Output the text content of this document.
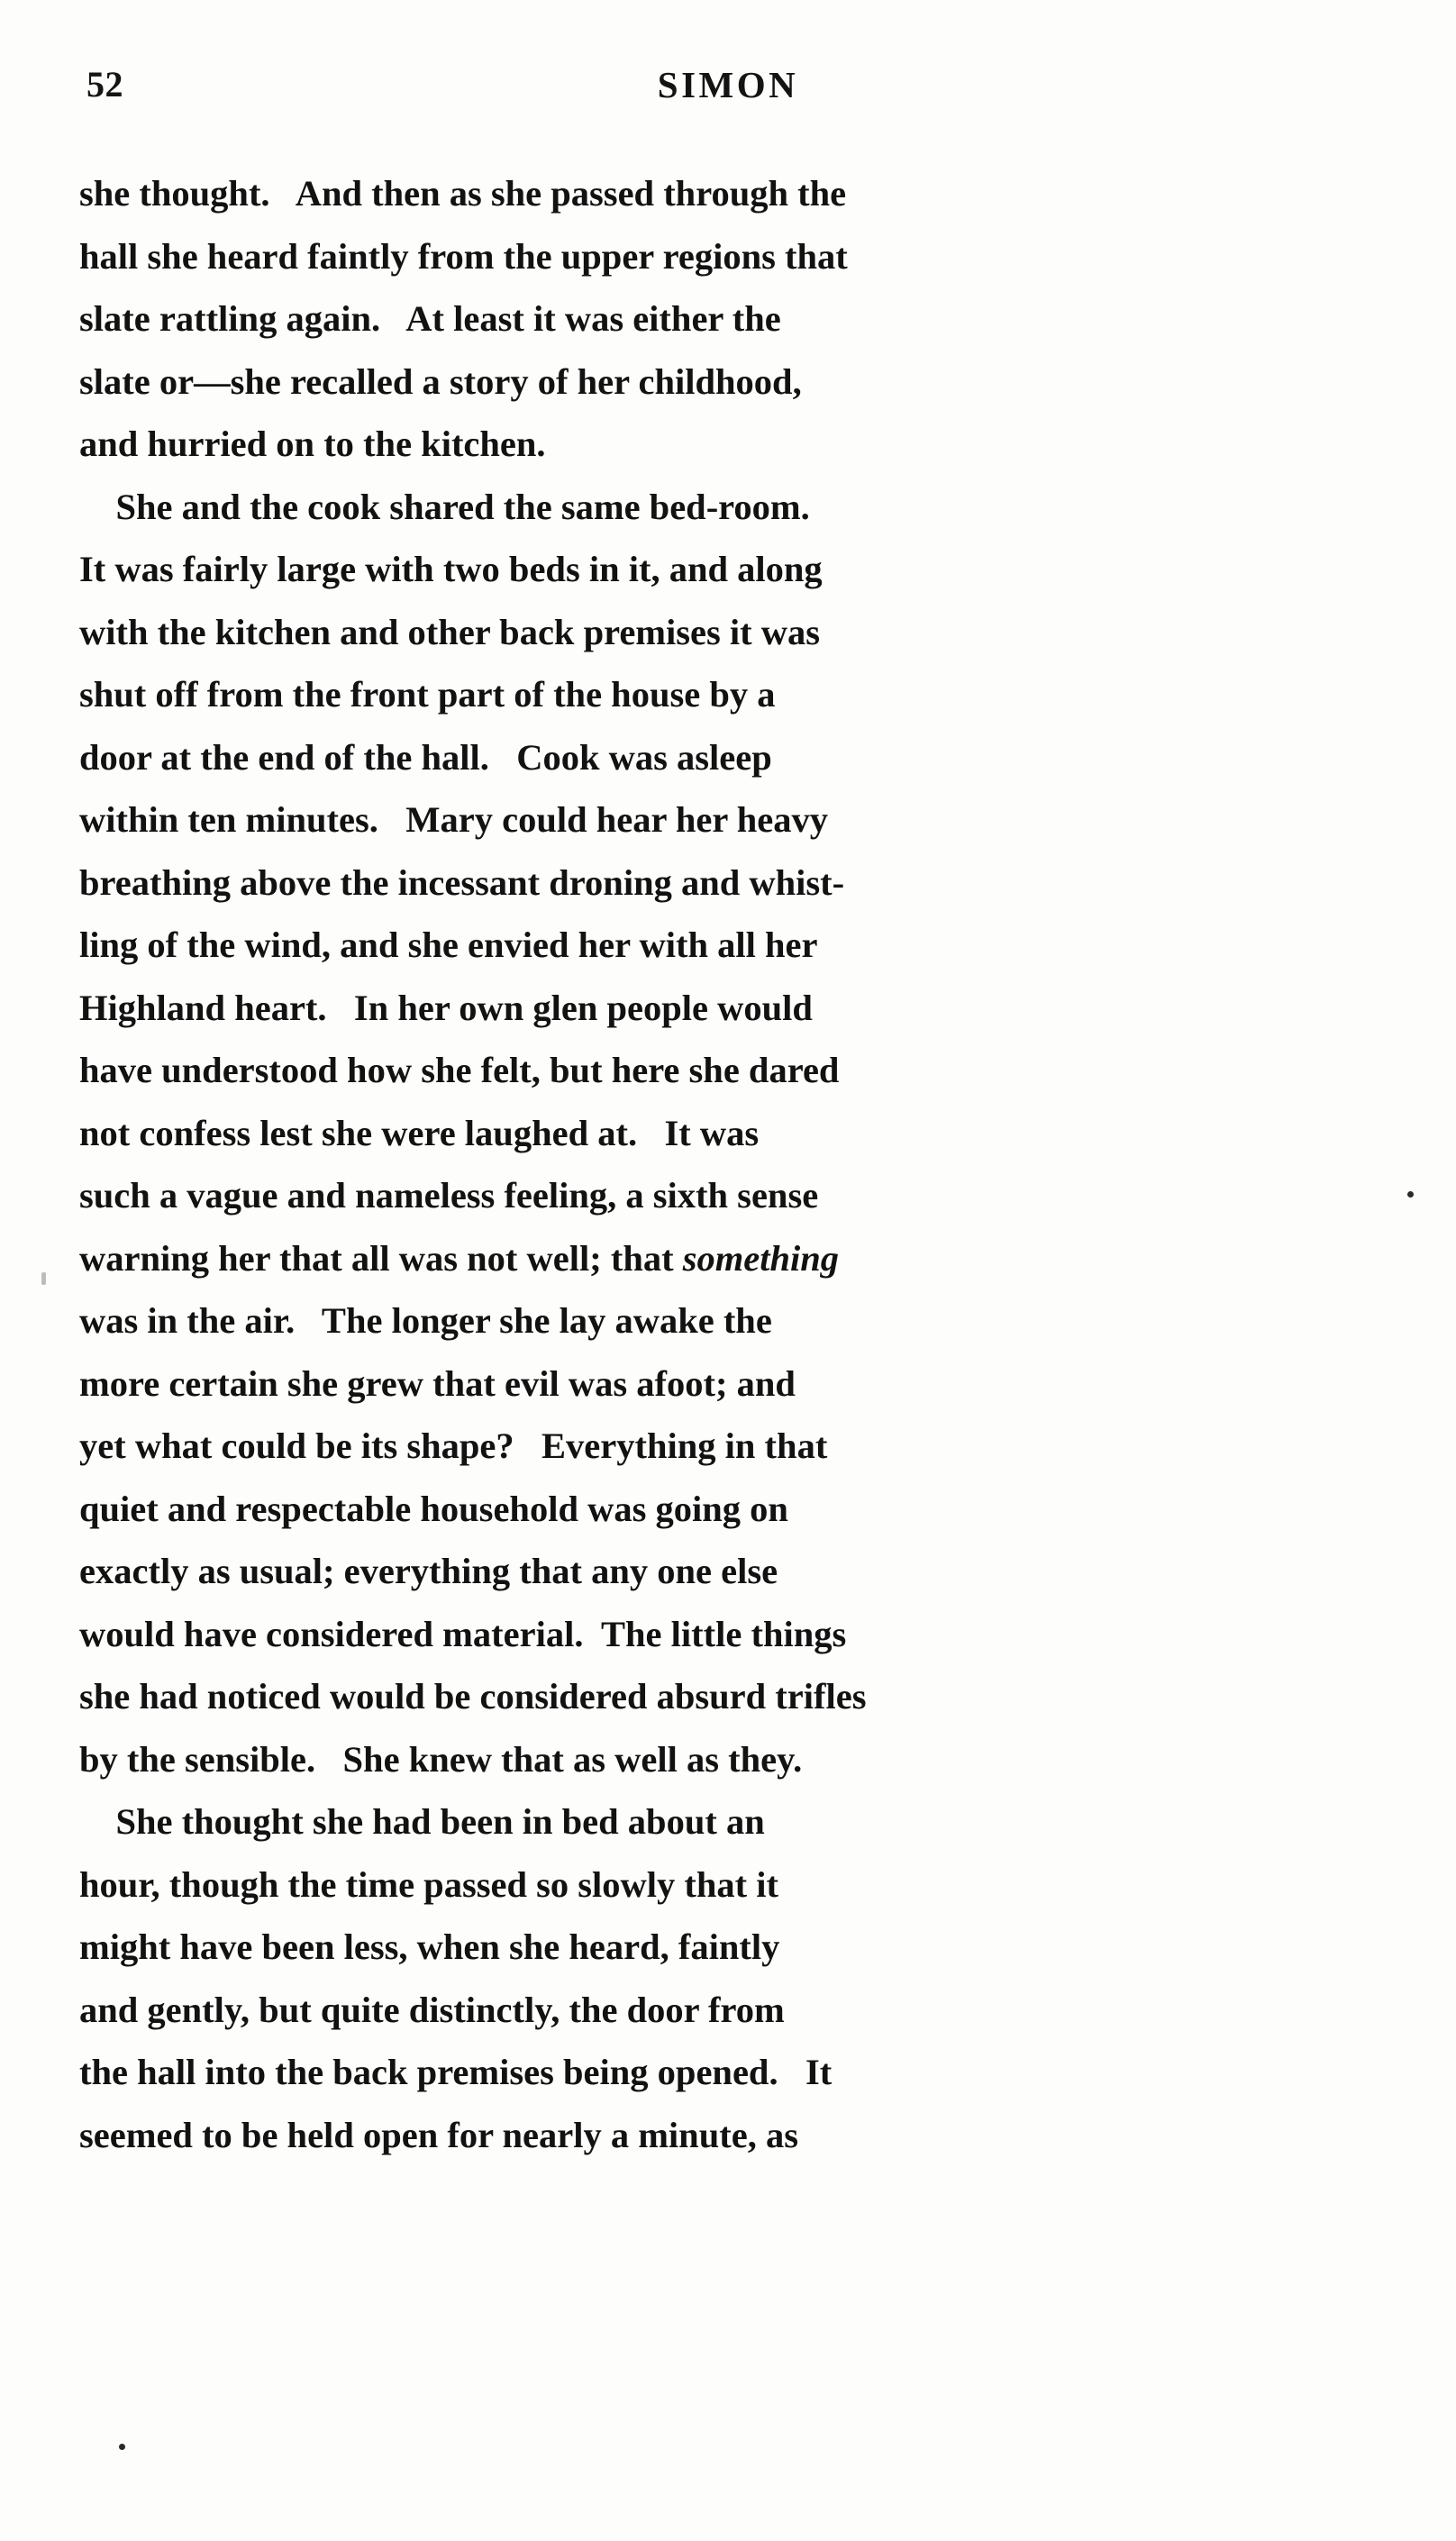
52	SIMON
she thought.   And then as she passed through the
hall she heard faintly from the upper regions that
slate rattling again.   At least it was either the
slate or—she recalled a story of her childhood,
and hurried on to the kitchen.
She and the cook shared the same bed-room.
It was fairly large with two beds in it, and along
with the kitchen and other back premises it was
shut off from the front part of the house by a
door at the end of the hall.   Cook was asleep
within ten minutes.   Mary could hear her heavy
breathing above the incessant droning and whist-
ling of the wind, and she envied her with all her
Highland heart.   In her own glen people would
have understood how she felt, but here she dared
not confess lest she were laughed at.   It was
such a vague and nameless feeling, a sixth sense
warning her that all was not well; that something
was in the air.   The longer she lay awake the
more certain she grew that evil was afoot; and
yet what could be its shape?   Everything in that
quiet and respectable household was going on
exactly as usual; everything that any one else
would have considered material.  The little things
she had noticed would be considered absurd trifles
by the sensible.   She knew that as well as they.
She thought she had been in bed about an
hour, though the time passed so slowly that it
might have been less, when she heard, faintly
and gently, but quite distinctly, the door from
the hall into the back premises being opened.   It
seemed to be held open for nearly a minute, as
